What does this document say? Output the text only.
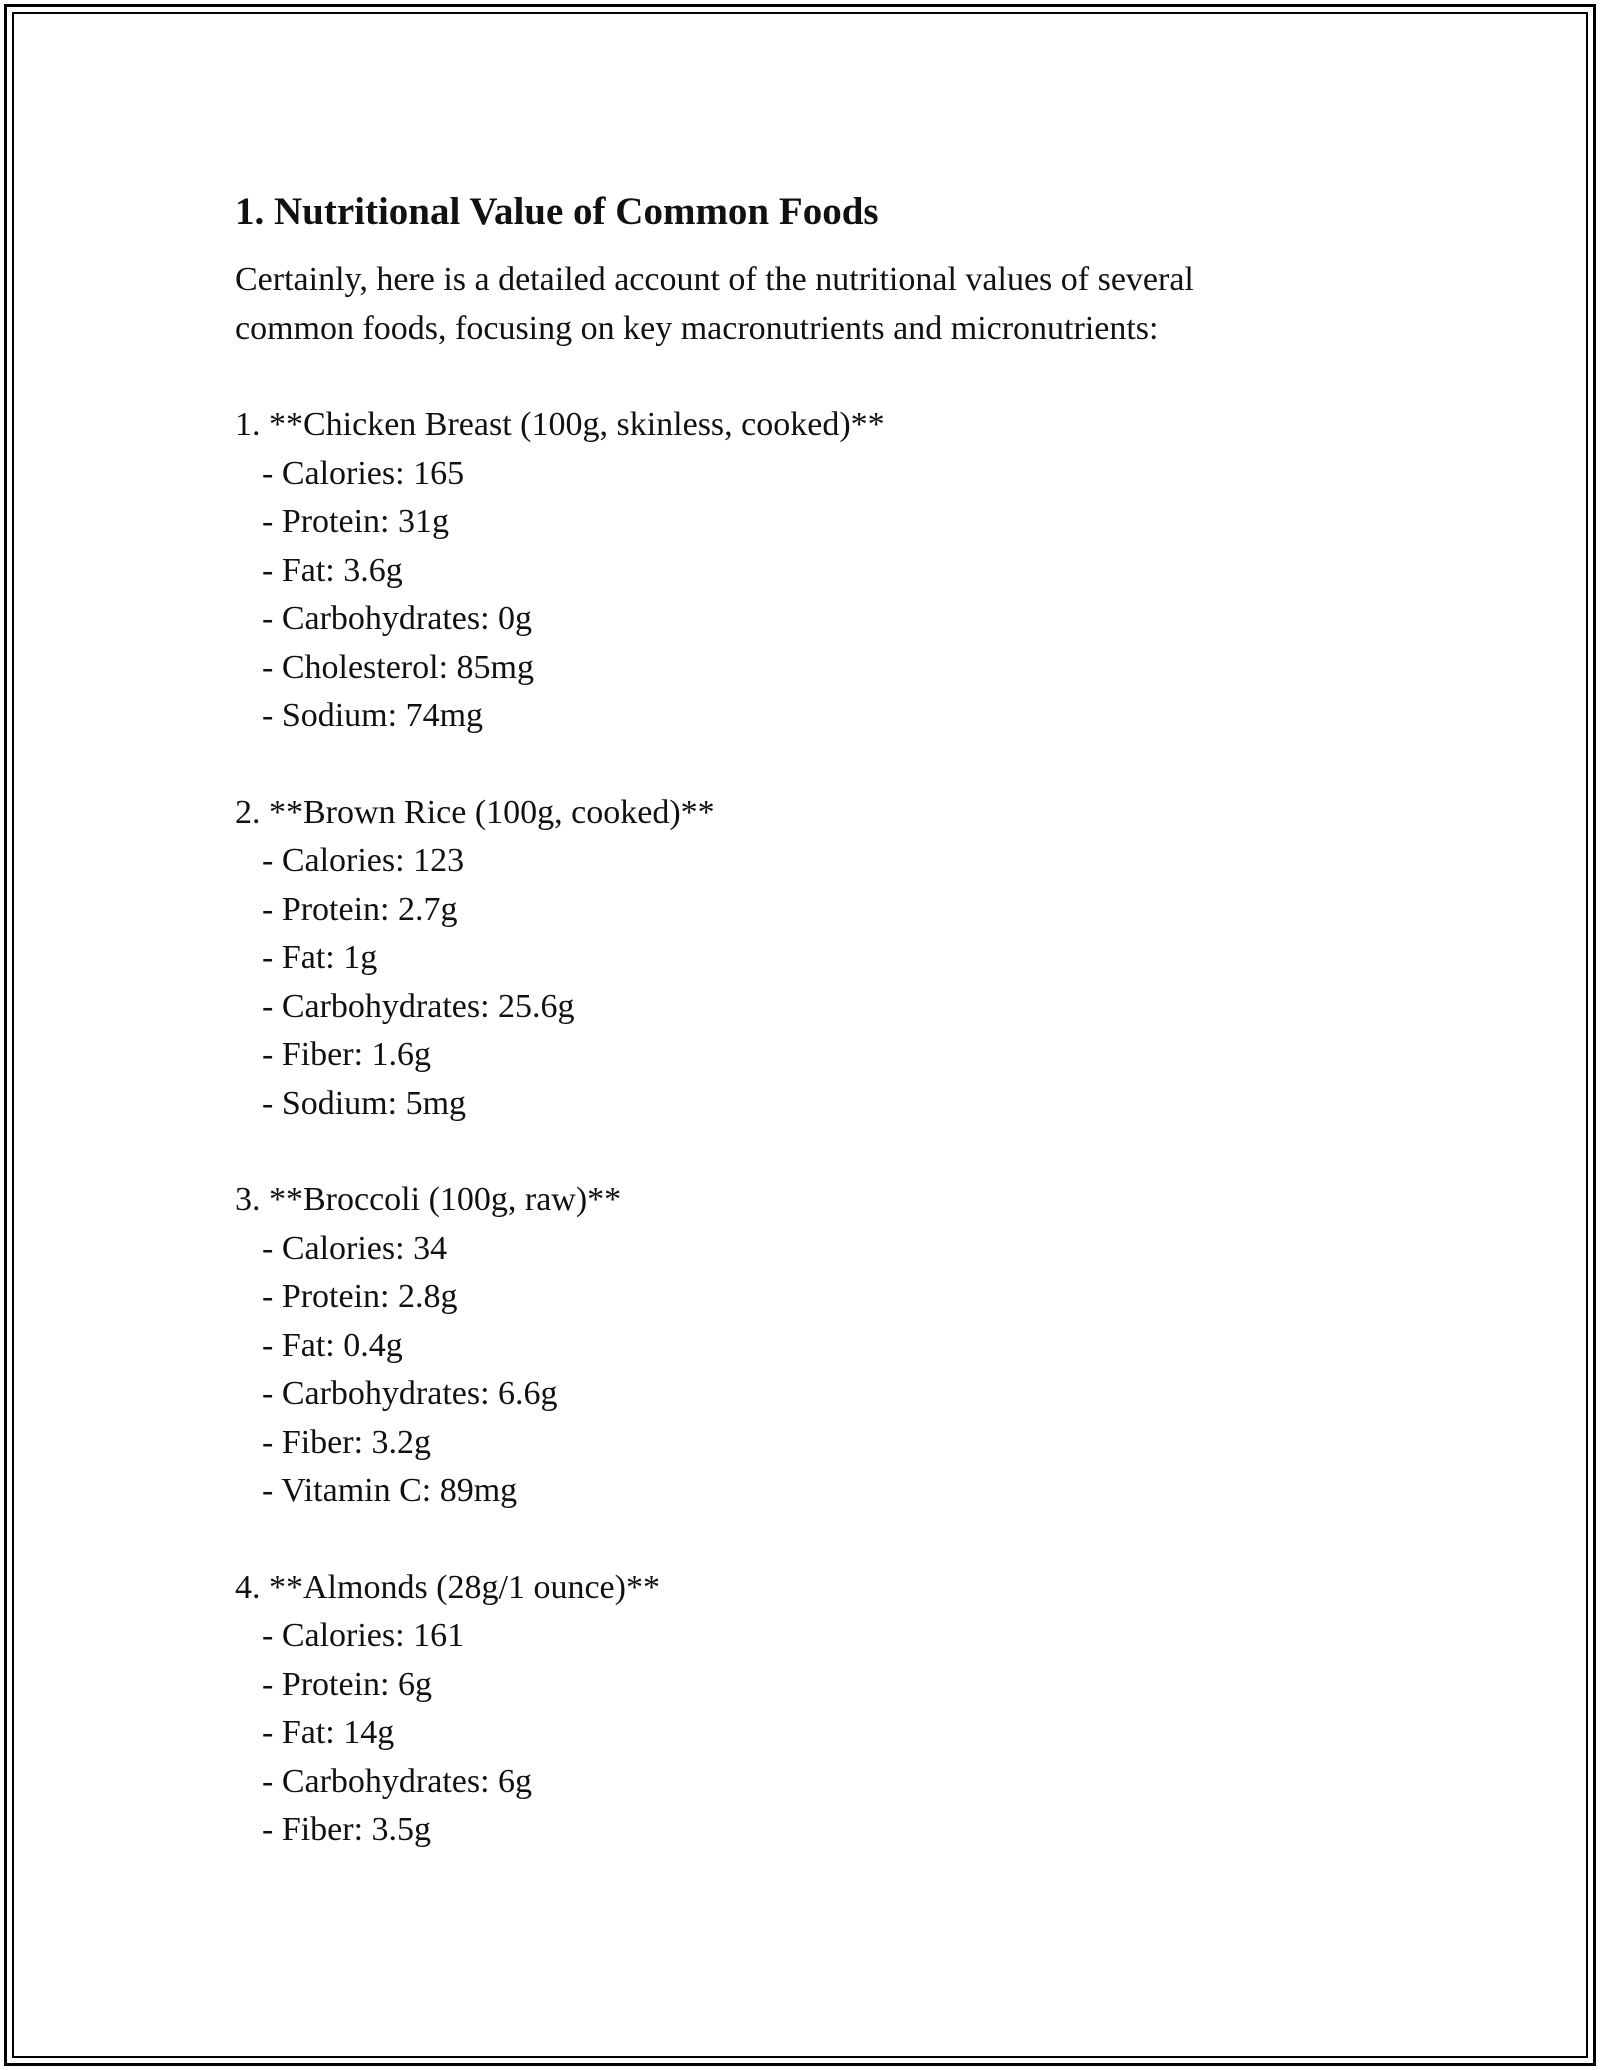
1. Nutritional Value of Common Foods
Certainly, here is a detailed account of the nutritional values of several
common foods, focusing on key macronutrients and micronutrients:
1. **Chicken Breast (100g, skinless, cooked)**
- Calories: 165
- Protein: 31g
- Fat: 3.6g
- Carbohydrates: 0g
- Cholesterol: 85mg
- Sodium: 74mg
2. **Brown Rice (100g, cooked)**
- Calories: 123
- Protein: 2.7g
- Fat: 1g
- Carbohydrates: 25.6g
- Fiber: 1.6g
- Sodium: 5mg
3. **Broccoli (100g, raw)**
- Calories: 34
- Protein: 2.8g
- Fat: 0.4g
- Carbohydrates: 6.6g
- Fiber: 3.2g
- Vitamin C: 89mg
4. **Almonds (28g/1 ounce)**
- Calories: 161
- Protein: 6g
- Fat: 14g
- Carbohydrates: 6g
- Fiber: 3.5g
